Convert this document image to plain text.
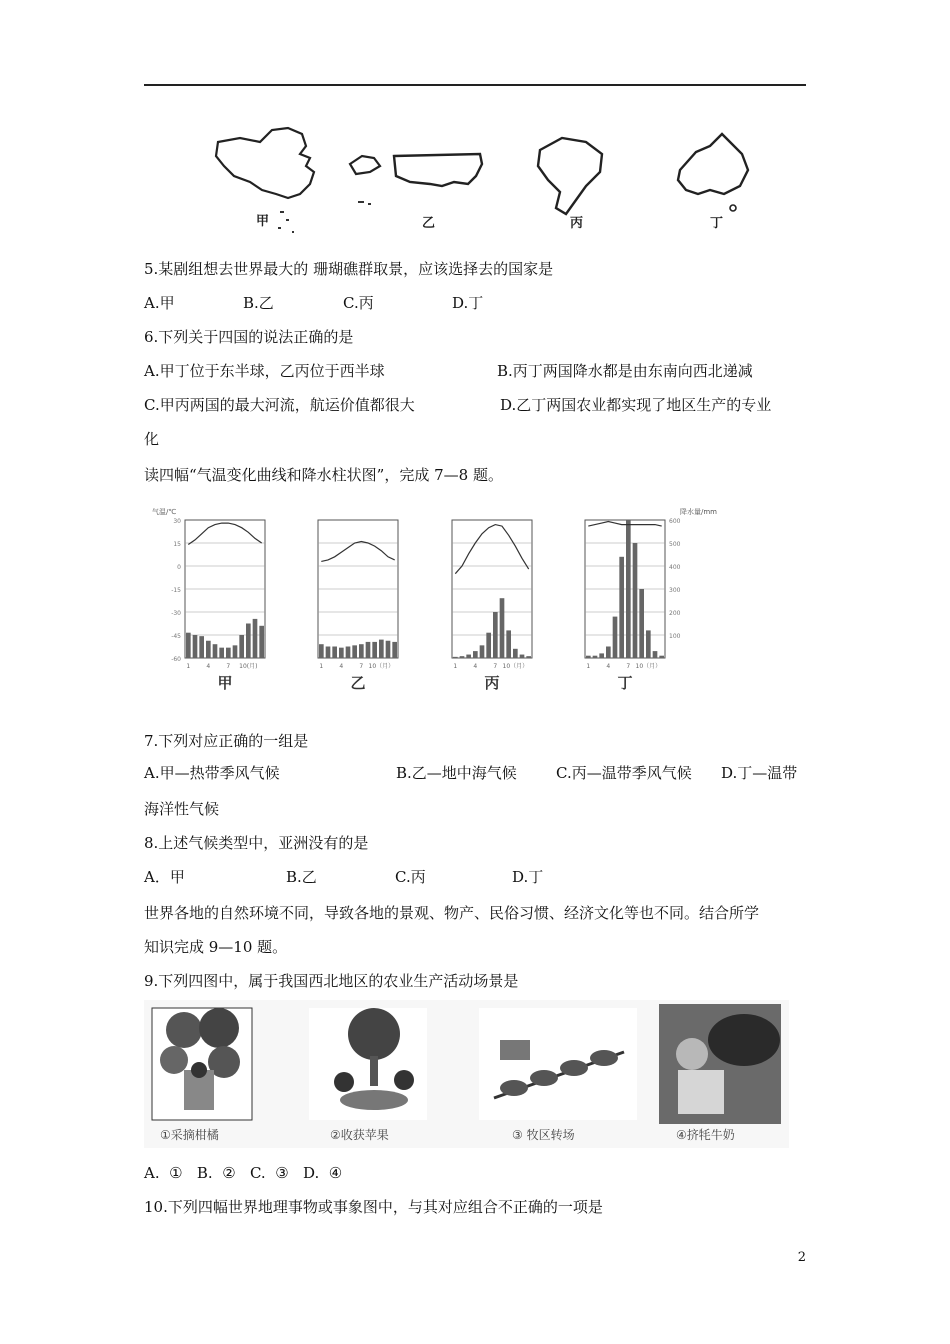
甲	乙	丙	丁
5.某剧组想去世界最大的 珊瑚礁群取景，应该选择去的国家是
A.甲	B.乙	C.丙	D.丁
6.下列关于四国的说法正确的是
A.甲丁位于东半球，乙丙位于西半球	B.丙丁两国降水都是由东南向西北递减
C.甲丙两国的最大河流，航运价值都很大	D.乙丁两国农业都实现了地区生产的专业
化
读四幅“气温变化曲线和降水柱状图”，完成 7—8 题。
气温/℃	降水量/mm
30
15
0
-15
-30
-45
-60
1	4	7 10(月)
甲
1	4	7 10（月）
乙
1	4	7 10（月）
丙
600
500
400
300
200
100
1	4	7 10（月）
丁
7.下列对应正确的一组是
A.甲—热带季风气候	B.乙—地中海气候	C.丙—温带季风气候 D.丁—温带
海洋性气候
8.上述气候类型中，亚洲没有的是
A．甲	B.乙	C.丙	D.丁
世界各地的自然环境不同，导致各地的景观、物产、民俗习惯、经济文化等也不同。结合所学
知识完成 9—10 题。
9.下列四图中，属于我国西北地区的农业生产活动场景是
①采摘柑橘	②收获苹果	③ 牧区转场	④挤牦牛奶
A.  ①   B.  ②   C.  ③   D.  ④
10.下列四幅世界地理事物或事象图中，与其对应组合不正确的一项是
2
